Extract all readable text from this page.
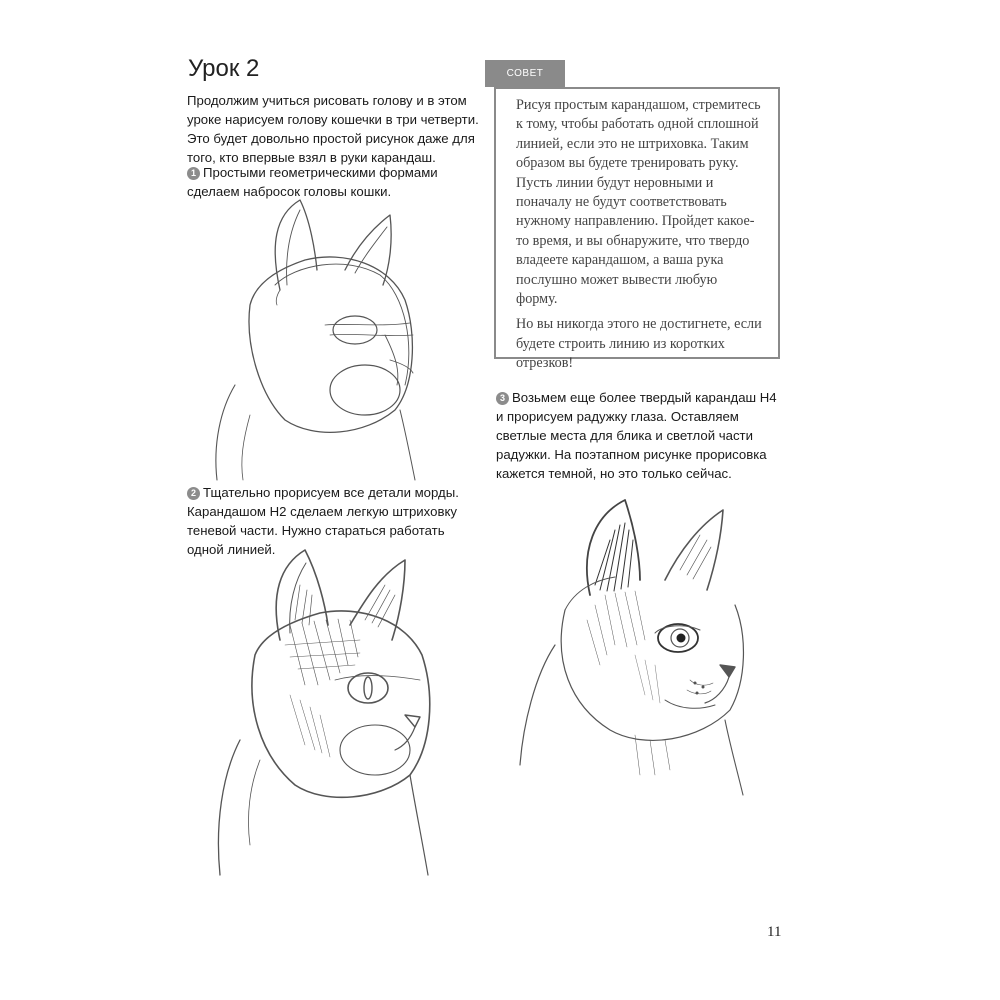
Урок 2
Продолжим учиться рисовать голову и в этом уроке нарисуем голову кошечки в три четверти. Это будет довольно простой рисунок даже для того, кто впервые взял в руки карандаш.
1 Простыми геометрическими формами сделаем набросок головы кошки.
2 Тщательно прорисуем все детали морды. Карандашом H2 сделаем легкую штриховку теневой части. Нужно стараться работать одной линией.
СОВЕТ

Рисуя простым карандашом, стремитесь к тому, чтобы работать одной сплошной линией, если это не штриховка. Таким образом вы будете тренировать руку. Пусть линии будут неровными и поначалу не будут соответствовать нужному направлению. Пройдет какое-то время, и вы обнаружите, что твердо владеете карандашом, а ваша рука послушно может вывести любую форму.

Но вы никогда этого не достигнете, если будете строить линию из коротких отрезков!

3 Возьмем еще более твердый карандаш H4 и прорисуем радужку глаза. Оставляем светлые места для блика и светлой части радужки. На поэтапном рисунке прорисовка кажется темной, но это только сейчас.
11
